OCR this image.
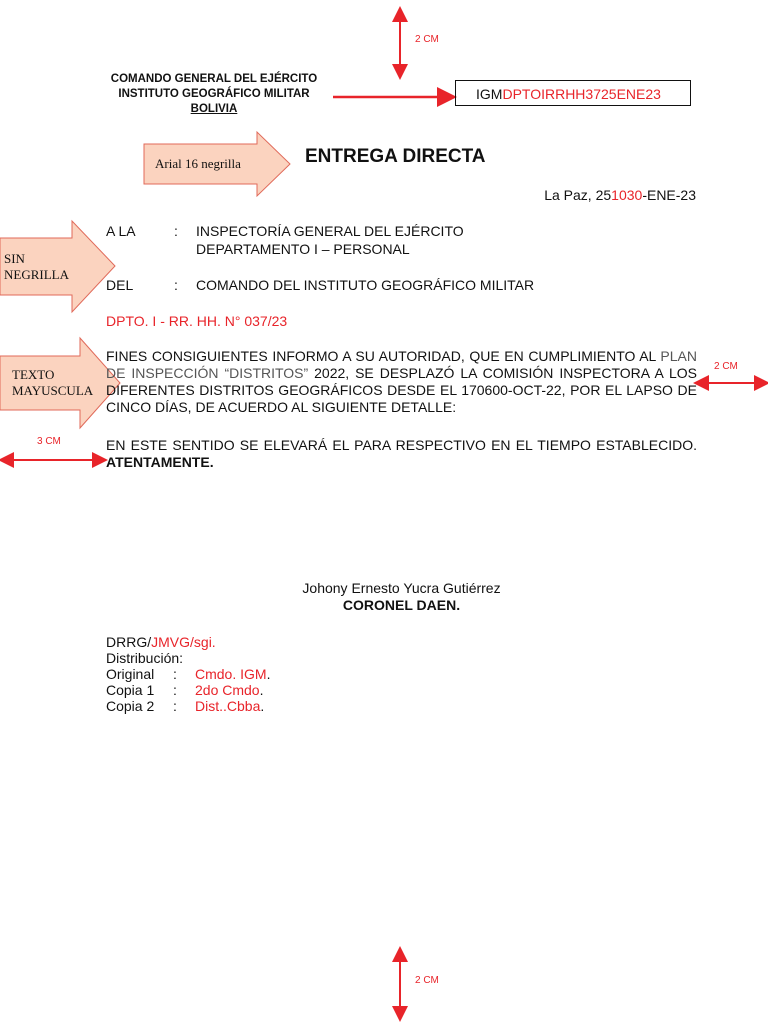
2 CM
2 CM
3 CM
2 CM
Arial 16 negrilla
SIN
NEGRILLA
TEXTO
MAYUSCULA
COMANDO GENERAL DEL EJÉRCITO
INSTITUTO GEOGRÁFICO MILITAR
BOLIVIA
IGMDPTOIRRHH3725ENE23
ENTREGA DIRECTA
La Paz, 251030-ENE-23
A LA	: INSPECTORÍA GENERAL DEL EJÉRCITO
DEPARTAMENTO I – PERSONAL
DEL	: COMANDO DEL INSTITUTO GEOGRÁFICO MILITAR
DPTO. I - RR. HH. N° 037/23
FINES CONSIGUIENTES INFORMO A SU AUTORIDAD, QUE EN CUMPLIMIENTO AL PLAN DE INSPECCIÓN “DISTRITOS” 2022, SE DESPLAZÓ LA COMISIÓN INSPECTORA A LOS DIFERENTES DISTRITOS GEOGRÁFICOS DESDE EL 170600-OCT-22, POR EL LAPSO DE CINCO DÍAS, DE ACUERDO AL SIGUIENTE DETALLE:
EN ESTE SENTIDO SE ELEVARÁ EL PARA RESPECTIVO EN EL TIEMPO ESTABLECIDO. ATENTAMENTE.
Johony Ernesto Yucra Gutiérrez
CORONEL DAEN.
DRRG/JMVG/sgi.
Distribución:
Original : Cmdo. IGM.
Copia 1 : 2do Cmdo.
Copia 2 : Dist..Cbba.
